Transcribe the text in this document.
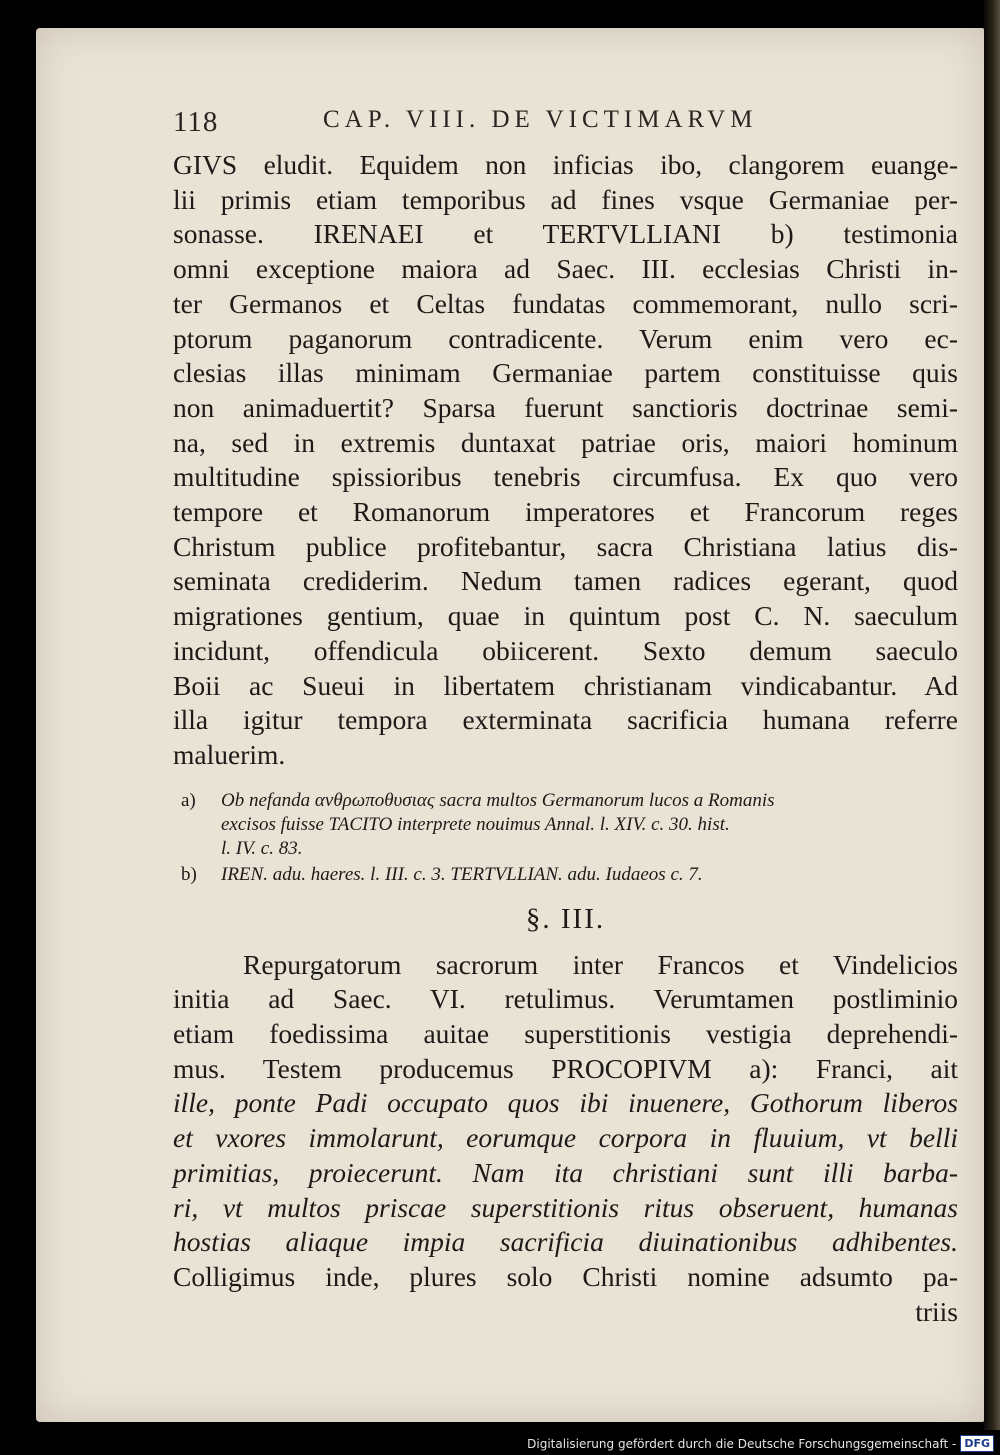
118	CAP. VIII. DE VICTIMARVM
GIVS eludit. Equidem non inficias ibo, clangorem euange-
lii primis etiam temporibus ad fines vsque Germaniae per-
sonasse. IRENAEI et TERTVLLIANI b) testimonia
omni exceptione maiora ad Saec. III. ecclesias Christi in-
ter Germanos et Celtas fundatas commemorant, nullo scri-
ptorum paganorum contradicente. Verum enim vero ec-
clesias illas minimam Germaniae partem constituisse quis
non animaduertit? Sparsa fuerunt sanctioris doctrinae semi-
na, sed in extremis duntaxat patriae oris, maiori hominum
multitudine spissioribus tenebris circumfusa. Ex quo vero
tempore et Romanorum imperatores et Francorum reges
Christum publice profitebantur, sacra Christiana latius dis-
seminata crediderim. Nedum tamen radices egerant, quod
migrationes gentium, quae in quintum post C. N. saeculum
incidunt, offendicula obiicerent. Sexto demum saeculo
Boii ac Sueui in libertatem christianam vindicabantur. Ad
illa igitur tempora exterminata sacrificia humana referre
maluerim.
a)	Ob nefanda ανθρωποθυσιας sacra multos Germanorum lucos a Romanis
excisos fuisse TACITO interprete nouimus Annal. l. XIV. c. 30. hist.
l. IV. c. 83.
b)	IREN. adu. haeres. l. III. c. 3. TERTVLLIAN. adu. Iudaeos c. 7.
§. III.
Repurgatorum sacrorum inter Francos et Vindelicios
initia ad Saec. VI. retulimus. Verumtamen postliminio
etiam foedissima auitae superstitionis vestigia deprehendi-
mus. Testem producemus PROCOPIVM a): Franci, ait
ille, ponte Padi occupato quos ibi inuenere, Gothorum liberos
et vxores immolarunt, eorumque corpora in fluuium, vt belli
primitias, proiecerunt. Nam ita christiani sunt illi barba-
ri, vt multos priscae superstitionis ritus obseruent, humanas
hostias aliaque impia sacrificia diuinationibus adhibentes.
Colligimus inde, plures solo Christi nomine adsumto pa-
triis
Digitalisierung gefördert durch die Deutsche Forschungsgemeinschaft - DFG
